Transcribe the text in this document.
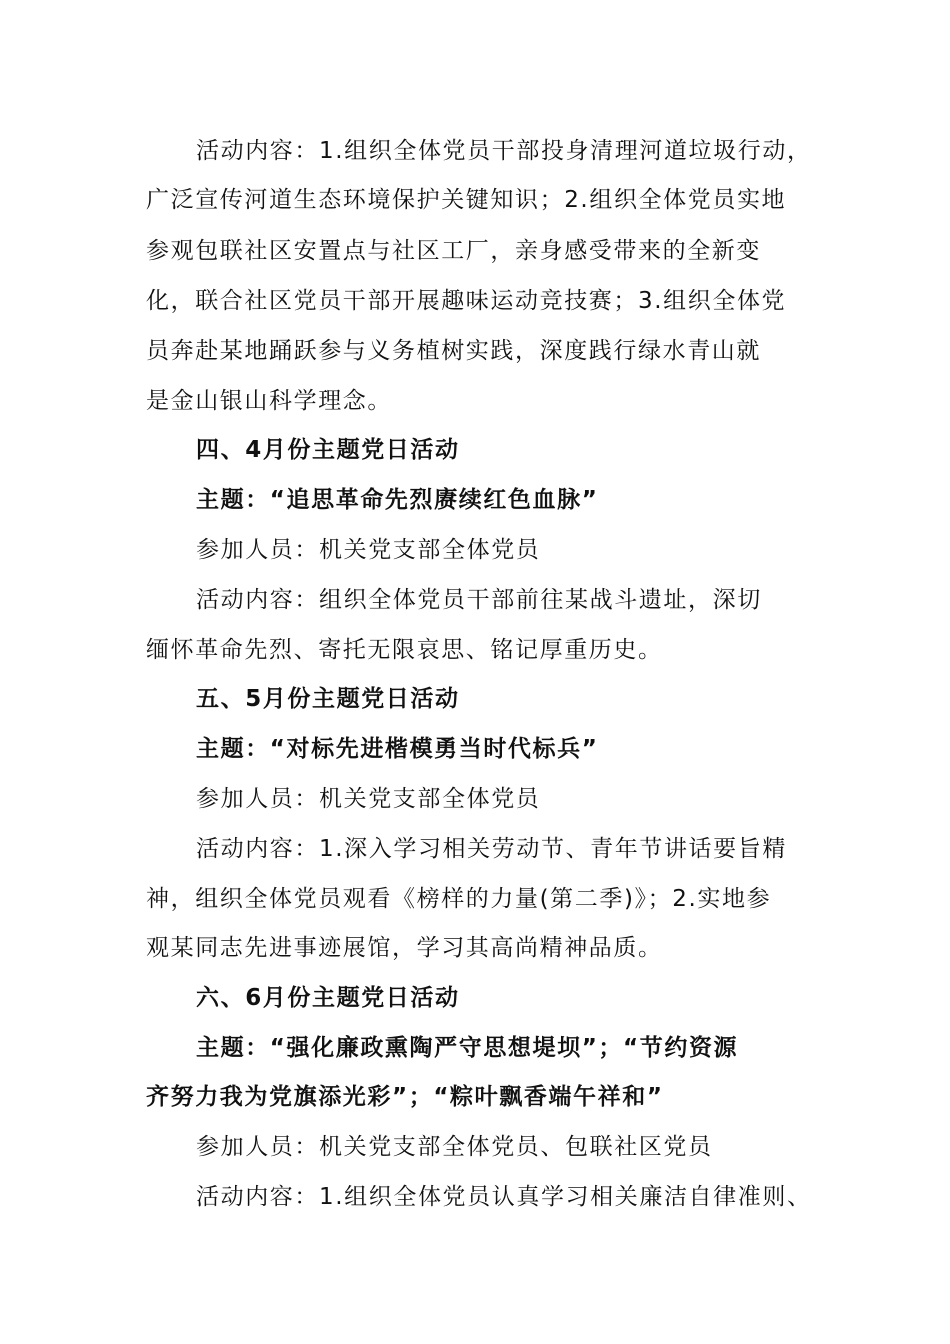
活动内容：1.组织全体党员干部投身清理河道垃圾行动，
广泛宣传河道生态环境保护关键知识；2.组织全体党员实地
参观包联社区安置点与社区工厂，亲身感受带来的全新变
化，联合社区党员干部开展趣味运动竞技赛；3.组织全体党
员奔赴某地踊跃参与义务植树实践，深度践行绿水青山就
是金山银山科学理念。
四、4月份主题党日活动
主题：“追思革命先烈赓续红色血脉”
参加人员：机关党支部全体党员
活动内容：组织全体党员干部前往某战斗遗址，深切
缅怀革命先烈、寄托无限哀思、铭记厚重历史。
五、5月份主题党日活动
主题：“对标先进楷模勇当时代标兵”
参加人员：机关党支部全体党员
活动内容：1.深入学习相关劳动节、青年节讲话要旨精
神，组织全体党员观看《榜样的力量(第二季)》；2.实地参
观某同志先进事迹展馆，学习其高尚精神品质。
六、6月份主题党日活动
主题：“强化廉政熏陶严守思想堤坝”；“节约资源
齐努力我为党旗添光彩”；“粽叶飘香端午祥和”
参加人员：机关党支部全体党员、包联社区党员
活动内容：1.组织全体党员认真学习相关廉洁自律准则、
